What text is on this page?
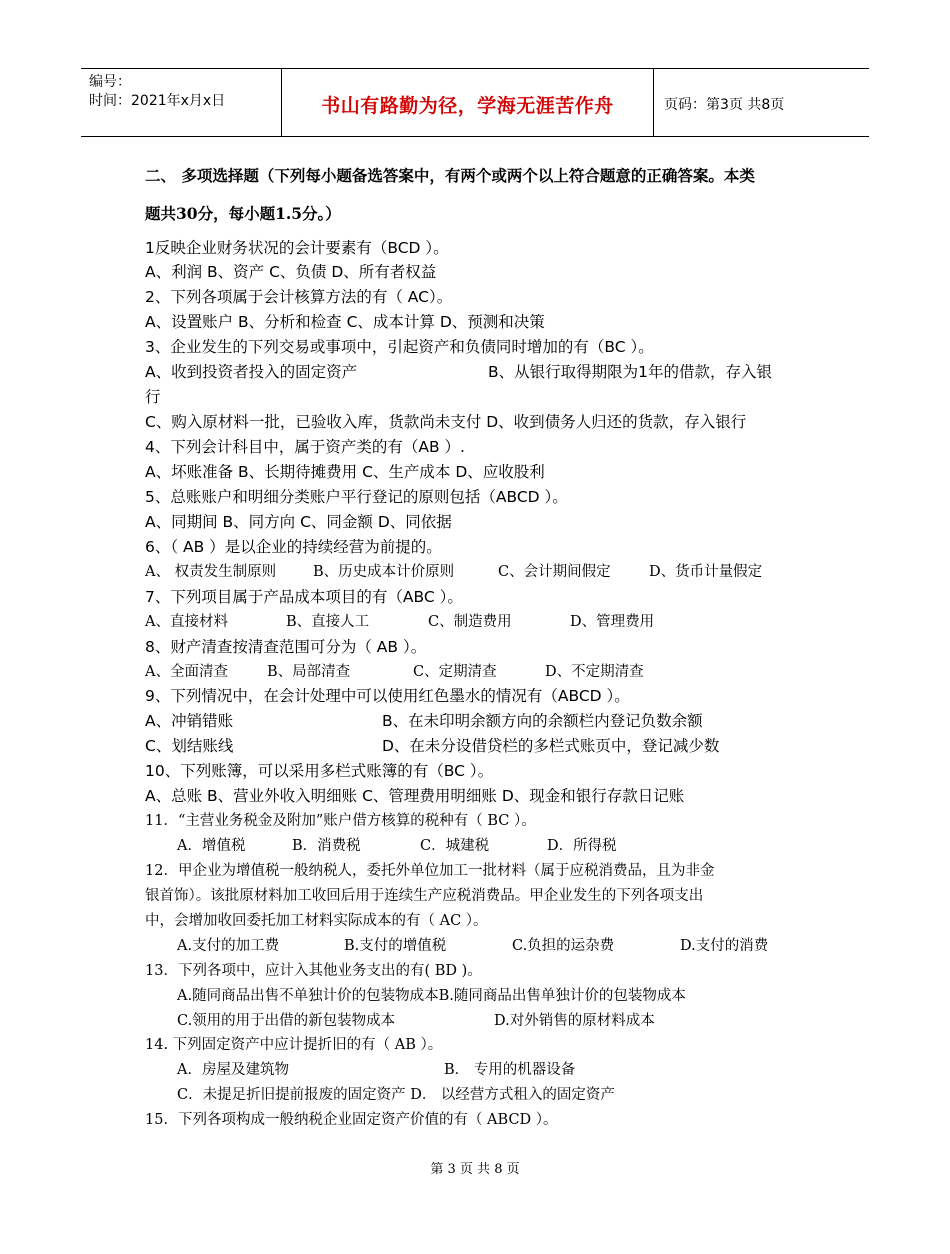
编号：
时间：2021年x月x日	书山有路勤为径，学海无涯苦作舟	页码：第3页 共8页
二、 多项选择题（下列每小题备选答案中，有两个或两个以上符合题意的正确答案。本类
题共30分，每小题1.5分。）
1反映企业财务状况的会计要素有（BCD ）。
A、利润 B、资产 C、负债 D、所有者权益
2、下列各项属于会计核算方法的有（ AC）。
A、设置账户 B、分析和检查 C、成本计算 D、预测和决策
3、企业发生的下列交易或事项中，引起资产和负债同时增加的有（BC ）。
A、收到投资者投入的固定资产	B、从银行取得期限为1年的借款，存入银
行
C、购入原材料一批，已验收入库，货款尚未支付 D、收到债务人归还的货款，存入银行
4、下列会计科目中，属于资产类的有（AB ）.
A、坏账准备 B、长期待摊费用 C、生产成本 D、应收股利
5、总账账户和明细分类账户平行登记的原则包括（ABCD ）。
A、同期间 B、同方向 C、同金额 D、同依据
6、（ AB ）是以企业的持续经营为前提的。
A、 权责发生制原则	B、历史成本计价原则	C、会计期间假定	D、货币计量假定
7、下列项目属于产品成本项目的有（ABC ）。
A、直接材料	B、直接人工	C、制造费用	D、管理费用
8、财产清查按清查范围可分为（ AB ）。
A、全面清查	B、局部清查	C、定期清查	D、不定期清查
9、下列情况中，在会计处理中可以使用红色墨水的情况有（ABCD ）。
A、冲销错账	B、在未印明余额方向的余额栏内登记负数余额
C、划结账线	D、在未分设借贷栏的多栏式账页中，登记减少数
10、下列账簿，可以采用多栏式账簿的有（BC ）。
A、总账 B、营业外收入明细账 C、管理费用明细账 D、现金和银行存款日记账
11．“主营业务税金及附加”账户借方核算的税种有（ BC ）。
A．增值税	B．消费税	C．城建税	D．所得税
12．甲企业为增值税一般纳税人，委托外单位加工一批材料（属于应税消费品，且为非金
银首饰）。该批原材料加工收回后用于连续生产应税消费品。甲企业发生的下列各项支出
中，会增加收回委托加工材料实际成本的有（ AC ）。
A.支付的加工费	B.支付的增值税	C.负担的运杂费	D.支付的消费
13．下列各项中，应计入其他业务支出的有( BD )。
A.随同商品出售不单独计价的包装物成本B.随同商品出售单独计价的包装物成本
C.领用的用于出借的新包装物成本	D.对外销售的原材料成本
14. 下列固定资产中应计提折旧的有（ AB ）。
A．房屋及建筑物	B． 专用的机器设备
C．未提足折旧提前报废的固定资产 D． 以经营方式租入的固定资产
15．下列各项构成一般纳税企业固定资产价值的有（ ABCD ）。
第 3 页 共 8 页
